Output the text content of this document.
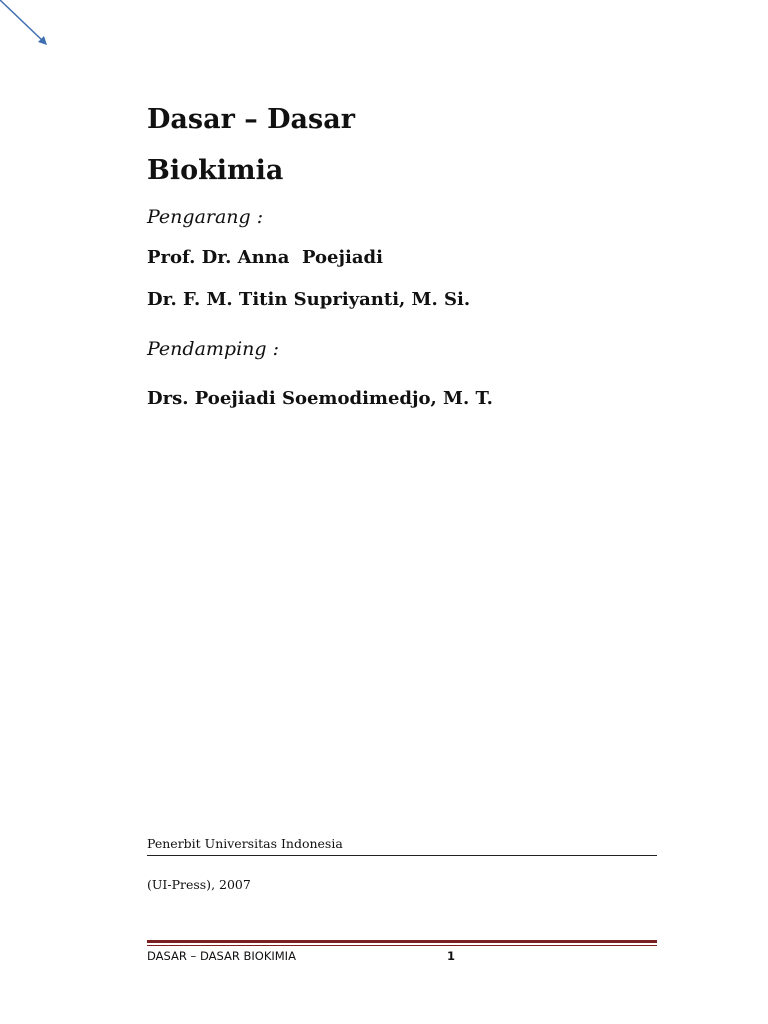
Dasar – Dasar
Biokimia
Pengarang :
Prof. Dr. Anna  Poejiadi
Dr. F. M. Titin Supriyanti, M. Si.
Pendamping :
Drs. Poejiadi Soemodimedjo, M. T.
Penerbit Universitas Indonesia
(UI-Press), 2007
DASAR – DASAR BIOKIMIA	1
